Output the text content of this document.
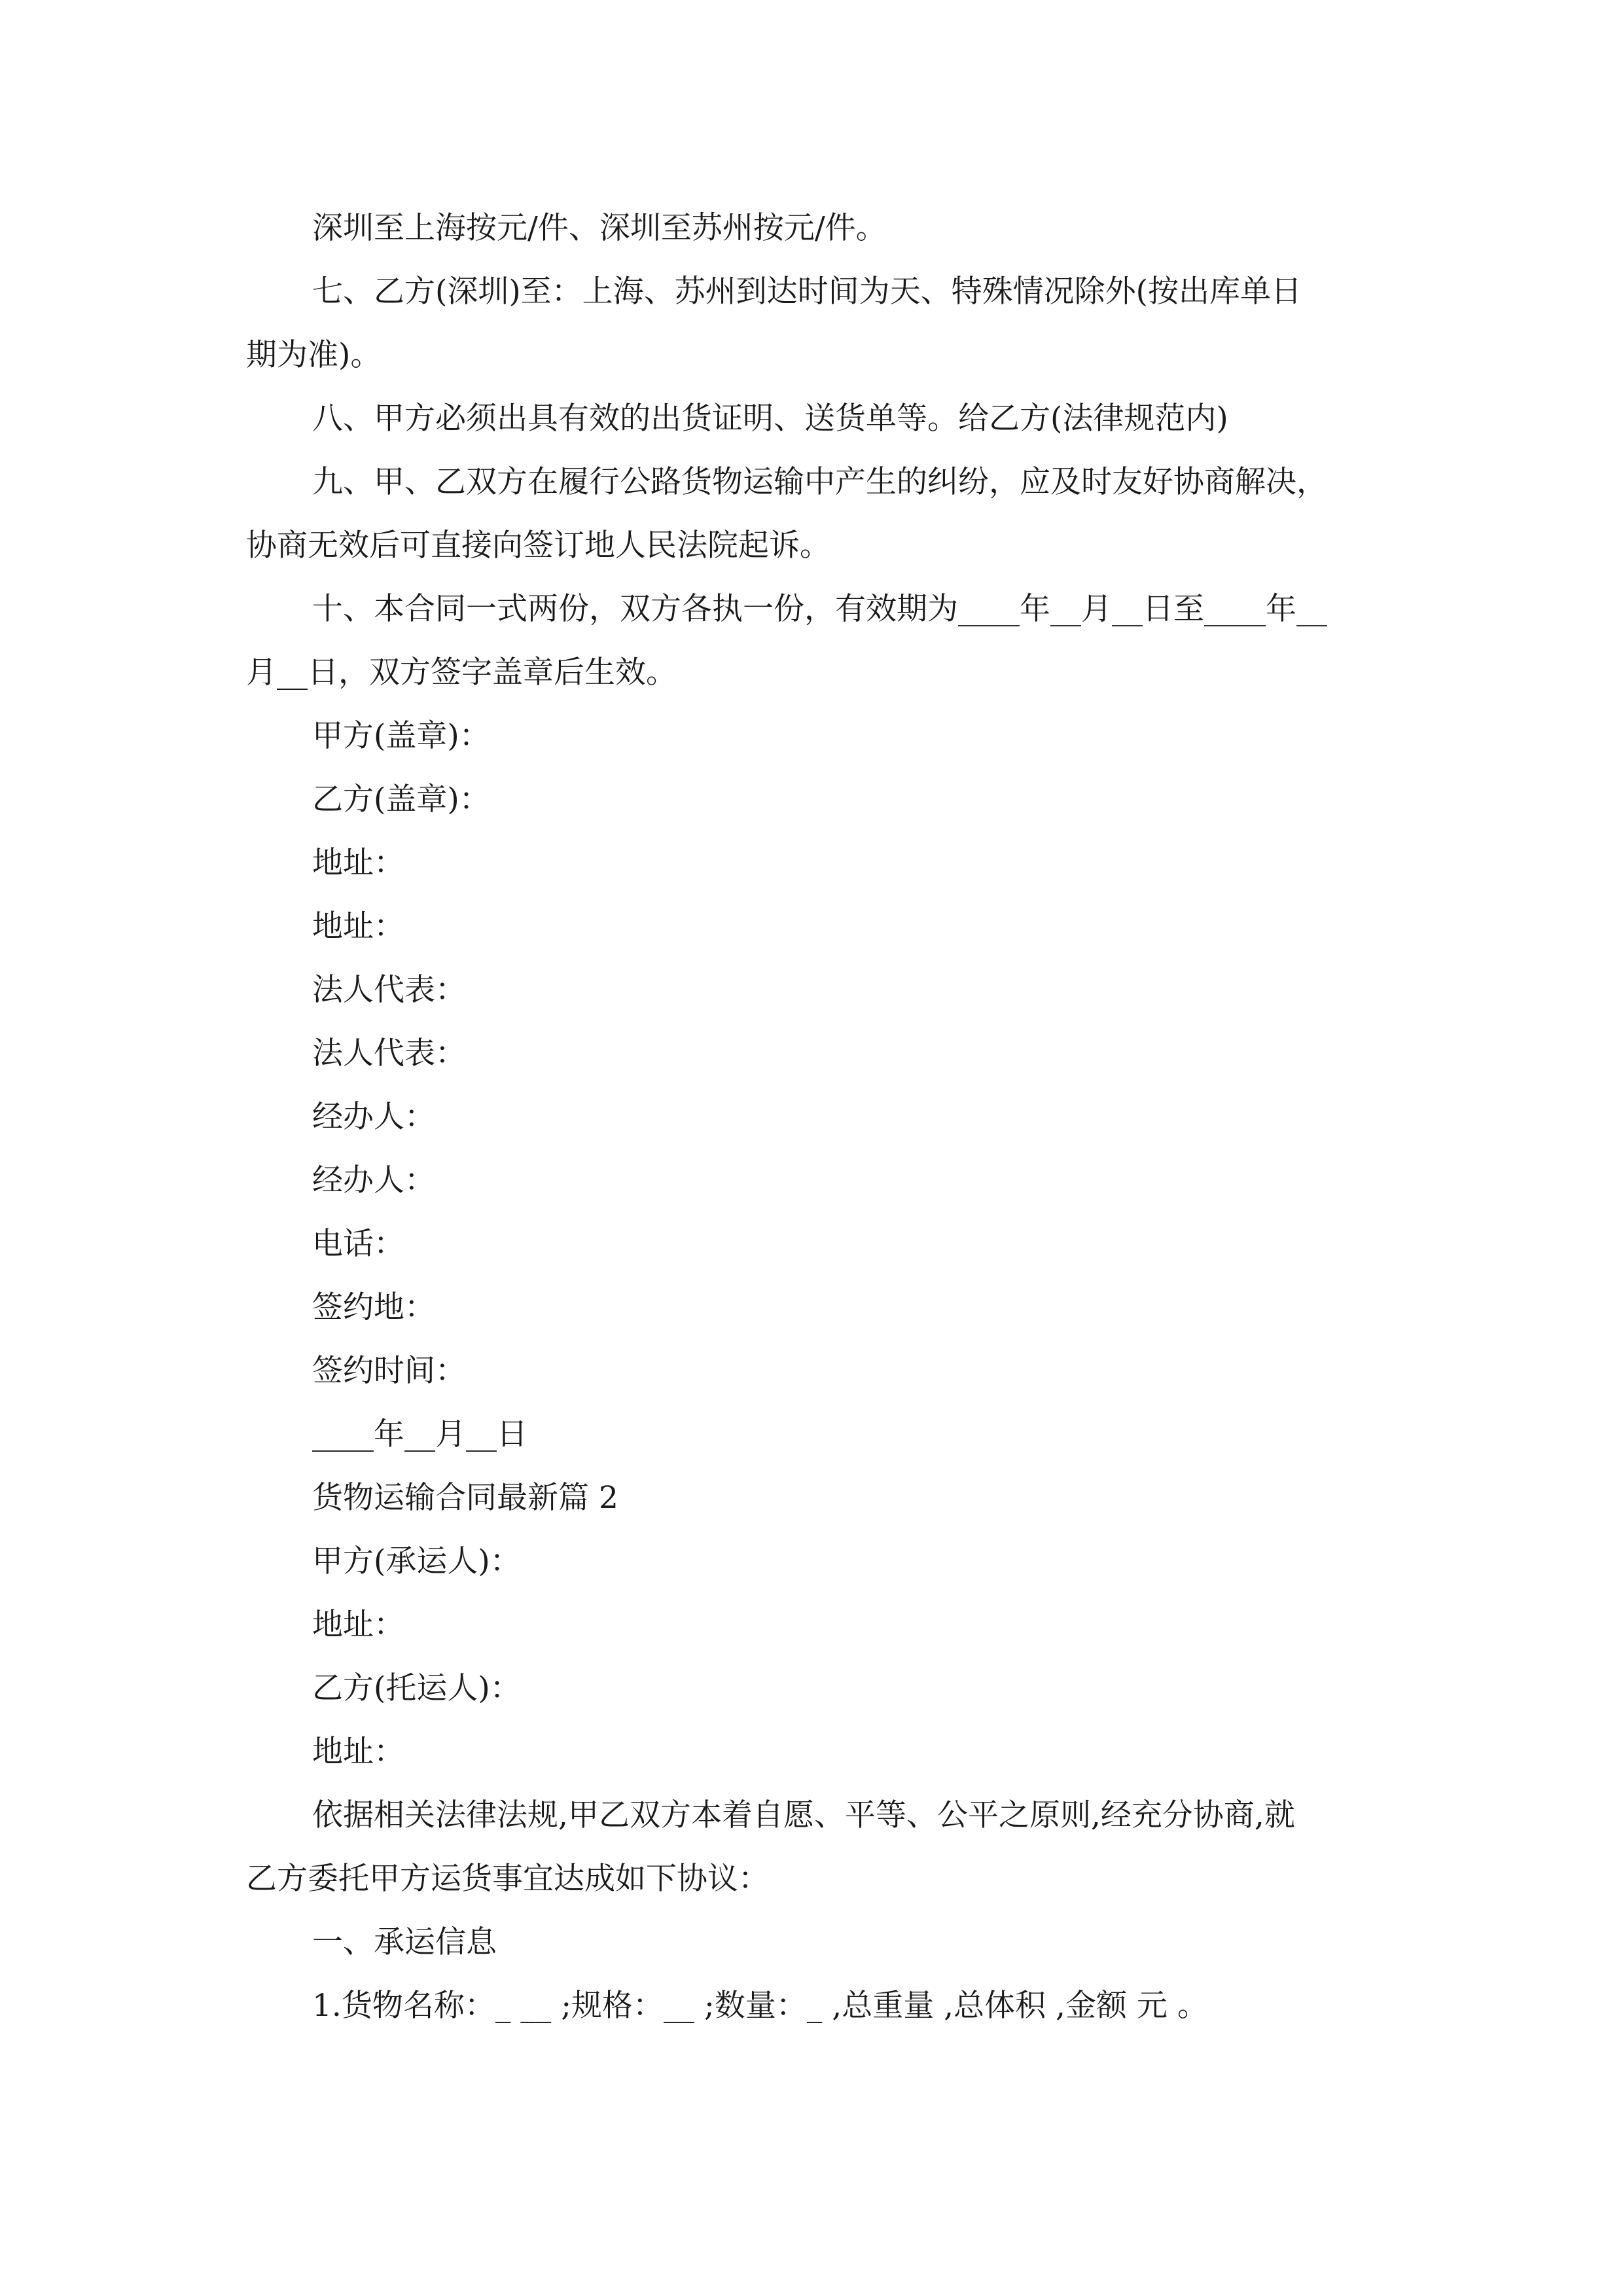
深圳至上海按元/件、深圳至苏州按元/件。
七、乙方(深圳)至：上海、苏州到达时间为天、特殊情况除外(按出库单日
期为准)。
八、甲方必须出具有效的出货证明、送货单等。给乙方(法律规范内)
九、甲、乙双方在履行公路货物运输中产生的纠纷，应及时友好协商解决，
协商无效后可直接向签订地人民法院起诉。
十、本合同一式两份，双方各执一份，有效期为____年__月__日至____年__
月__日，双方签字盖章后生效。
甲方(盖章)：
乙方(盖章)：
地址：
地址：
法人代表：
法人代表：
经办人：
经办人：
电话：
签约地：
签约时间：
____年__月__日
货物运输合同最新篇 2
甲方(承运人)：
地址：
乙方(托运人)：
地址：
依据相关法律法规,甲乙双方本着自愿、平等、公平之原则,经充分协商,就
乙方委托甲方运货事宜达成如下协议：
一、承运信息
1.货物名称：_ __ ;规格：__ ;数量：_ ,总重量 ,总体积 ,金额 元 。
